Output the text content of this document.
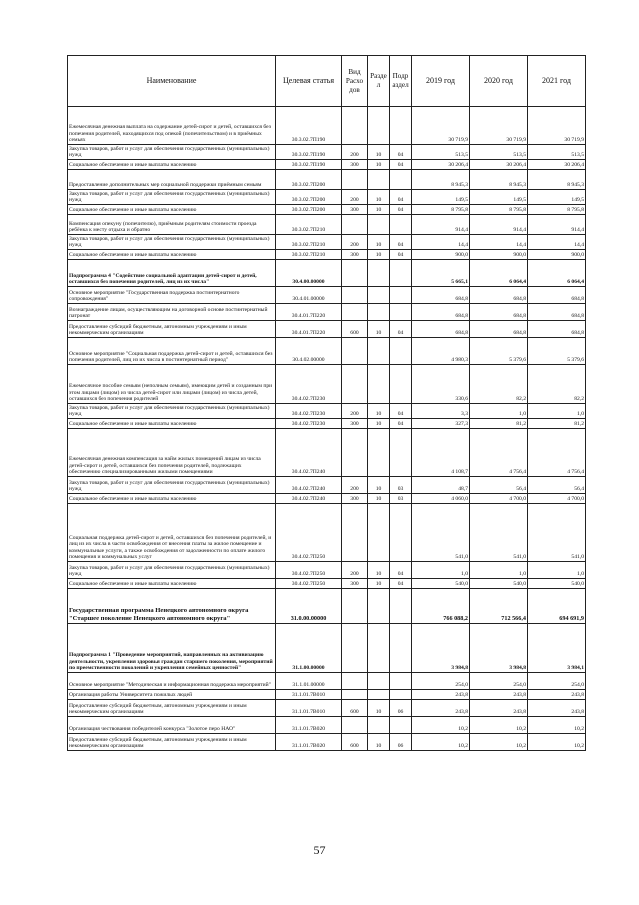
Наименование	Целевая статья	Вид Расхо дов	Разде л	Подр аздел	2019 год	2020 год	2021 год
Ежемесячная денежная выплата на содержание детей-сирот и детей, оставшихся без попечения родителей, находящихся под опекой (попечительством) и в приёмных семьях	30.3.02.7П190				30 719,9	30 719,9	30 719,9
Закупка товаров, работ и услуг для обеспечения государственных (муниципальных) нужд	30.3.02.7П190	200	10	04	513,5	513,5	513,5
Социальное обеспечение и иные выплаты населению	30.3.02.7П190	300	10	04	30 206,4	30 206,4	30 206,4
Предоставление дополнительных мер социальной поддержки приёмным семьям	30.3.02.7П200				8 945,3	8 945,3	8 945,3
Закупка товаров, работ и услуг для обеспечения государственных (муниципальных) нужд	30.3.02.7П200	200	10	04	149,5	149,5	149,5
Социальное обеспечение и иные выплаты населению	30.3.02.7П200	300	10	04	8 795,8	8 795,8	8 795,8
Компенсация опекуну (попечителю), приёмным родителям стоимости проезда ребёнка к месту отдыха и обратно	30.3.02.7П210				914,4	914,4	914,4
Закупка товаров, работ и услуг для обеспечения государственных (муниципальных) нужд	30.3.02.7П210	200	10	04	14,4	14,4	14,4
Социальное обеспечение и иные выплаты населению	30.3.02.7П210	300	10	04	900,0	900,0	900,0
Подпрограмма 4 "Содействие социальной адаптации детей-сирот и детей, оставшихся без попечения родителей, лиц из их числа"	30.4.00.00000				5 665,1	6 064,4	6 064,4
Основное мероприятие "Государственная поддержка постинтернатного сопровождения"	30.4.01.00000				684,8	684,8	684,8
Вознаграждение лицам, осуществляющим на договорной основе постинтернатный патронат	30.4.01.7П220				684,8	684,8	684,8
Предоставление субсидий бюджетным, автономным учреждениям и иным некоммерческим организациям	30.4.01.7П220	600	10	04	684,8	684,8	684,8
Основное мероприятие "Социальная поддержка детей-сирот и детей, оставшихся без попечения родителей, лиц из их числа в постинтернатный период"	30.4.02.00000				4 980,3	5 379,6	5 379,6
Ежемесячное пособие семьям (неполным семьям), имеющим детей и созданным при этом лицами (лицом) из числа детей-сирот или лицами (лицом) из числа детей, оставшихся без попечения родителей	30.4.02.7П230				330,6	82,2	82,2
Закупка товаров, работ и услуг для обеспечения государственных (муниципальных) нужд	30.4.02.7П230	200	10	04	3,3	1,0	1,0
Социальное обеспечение и иные выплаты населению	30.4.02.7П230	300	10	04	327,3	81,2	81,2
Ежемесячная денежная компенсация за найм жилых помещений лицам из числа детей-сирот и детей, оставшихся без попечения родителей, подлежащих обеспечению специализированными жилыми помещениями	30.4.02.7П240				4 108,7	4 756,4	4 756,4
Закупка товаров, работ и услуг для обеспечения государственных (муниципальных) нужд	30.4.02.7П240	200	10	03	48,7	56,4	56,4
Социальное обеспечение и иные выплаты населению	30.4.02.7П240	300	10	03	4 060,0	4 700,0	4 700,0
Социальная поддержка детей-сирот и детей, оставшихся без попечения родителей, и лиц из их числа в части освобождения от внесения платы за жилое помещение и коммунальные услуги, а также освобождения от задолженности по оплате жилого помещения и коммунальных услуг	30.4.02.7П250				541,0	541,0	541,0
Закупка товаров, работ и услуг для обеспечения государственных (муниципальных) нужд	30.4.02.7П250	200	10	04	1,0	1,0	1,0
Социальное обеспечение и иные выплаты населению	30.4.02.7П250	300	10	04	540,0	540,0	540,0
Государственная программа Ненецкого автономного округа "Старшее поколение Ненецкого автономного округа"	31.0.00.00000				766 088,2	712 566,4	694 691,9
Подпрограмма 1 "Проведение мероприятий, направленных на активизацию деятельности, укрепления здоровья граждан старшего поколения, мероприятий по преемственности поколений и укрепления семейных ценностей"	31.1.00.00000				3 984,8	3 984,8	3 984,1
Основное мероприятие "Методическая и информационная поддержка мероприятий"	31.1.01.00000				254,0	254,0	254,0
Организация работы Университета пожилых людей	31.1.01.7В010				243,8	243,8	243,8
Предоставление субсидий бюджетным, автономным учреждениям и иным некоммерческим организациям	31.1.01.7В010	600	10	06	243,8	243,8	243,8
Организация чествования победителей конкурса "Золотое перо НАО"	31.1.01.7В020				10,2	10,2	10,2
Предоставление субсидий бюджетным, автономным учреждениям и иным некоммерческим организациям	31.1.01.7В020	600	10	06	10,2	10,2	10,2
57
